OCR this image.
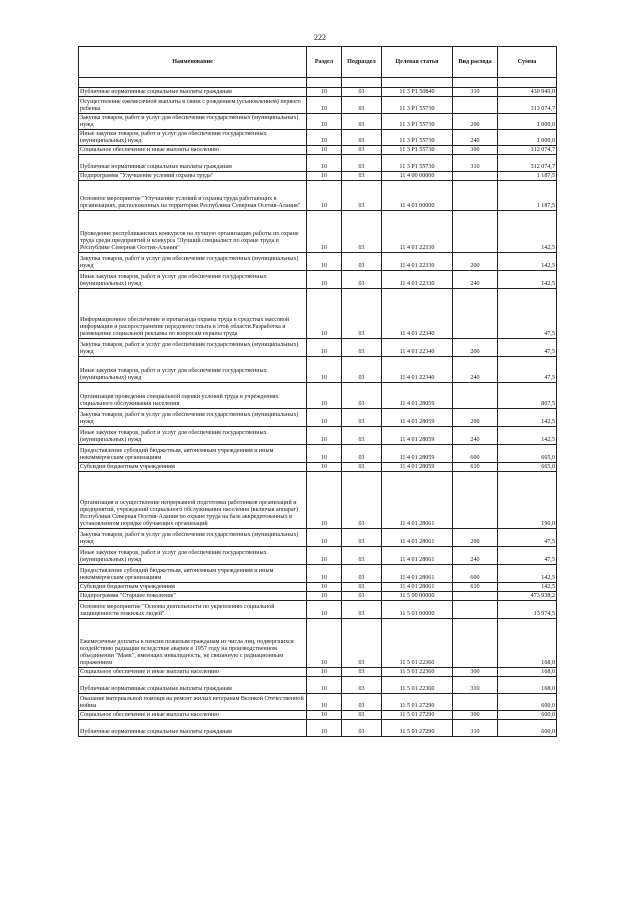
222
Наименование	Раздел	Подраздел	Целевая статья	Вид расхода	Сумма

Публичные нормативные социальные выплаты гражданам	10	03	11 3 P1 50840	310	430 949,0
Осуществление ежемесячной выплаты в связи с рождением (усыновлением) первого ребенка	10	03	11 3 P1 55730		313 074,7
Закупка товаров, работ и услуг для обеспечения государственных (муниципальных) нужд	10	03	11 3 P1 55730	200	1 000,0
Иные закупки товаров, работ и услуг для обеспечения государственных (муниципальных) нужд	10	03	11 3 P1 55730	240	1 000,0
Социальное обеспечение и иные выплаты населению	10	03	11 3 P1 55730	300	312 074,7
Публичные нормативные социальные выплаты гражданам	10	03	11 3 P1 55730	310	312 074,7
Подпрограмма "Улучшение условий охраны труда"	10	03	11 4 00 00000		1 187,5
Основное мероприятие "Улучшение условий и охраны труда работающих в организациях, расположенных на территории Республики Северная Осетия-Алания"	10	03	11 4 01 00000		1 187,5
Проведение республиканских конкурсов на лучшую организацию работы по охране труда среди предприятий и конкурса "Лучший специалист по охране труда в Республике Северная Осетия-Алания"	10	03	11 4 01 22330		142,5
Закупка товаров, работ и услуг для обеспечения государственных (муниципальных) нужд	10	03	11 4 01 22330	200	142,5
Иные закупки товаров, работ и услуг для обеспечения государственных (муниципальных) нужд	10	03	11 4 01 22330	240	142,5
Информационное обеспечение и пропаганда охраны труда в средствах массовой информации и распространение передового опыта в этой области.Разработка и размещение социальной рекламы по вопросам охраны труда	10	03	11 4 01 22340		47,5
Закупка товаров, работ и услуг для обеспечения государственных (муниципальных) нужд	10	03	11 4 01 22340	200	47,5
Иные закупки товаров, работ и услуг для обеспечения государственных (муниципальных) нужд	10	03	11 4 01 22340	240	47,5
Организация проведения специальной оценки условий труда в учреждениях социального обслуживания населения	10	03	11 4 01 28059		807,5
Закупка товаров, работ и услуг для обеспечения государственных (муниципальных) нужд	10	03	11 4 01 28059	200	142,5
Иные закупки товаров, работ и услуг для обеспечения государственных (муниципальных) нужд	10	03	11 4 01 28059	240	142,5
Предоставление субсидий бюджетным, автономным учреждениям и иным некоммерческим организациям	10	03	11 4 01 28059	600	665,0
Субсидии бюджетным учреждениям	10	03	11 4 01 28059	610	665,0
Организация и осуществление непрерывной подготовки работников организаций и предприятий, учреждений социального обслуживания населения (включая аппарат) Республики Северная Осетия-Алания по охране труда на базе аккредитованных в установленном порядке обучающих организаций	10	03	11 4 01 28061		190,0
Закупка товаров, работ и услуг для обеспечения государственных (муниципальных) нужд	10	03	11 4 01 28061	200	47,5
Иные закупки товаров, работ и услуг для обеспечения государственных (муниципальных) нужд	10	03	11 4 01 28061	240	47,5
Предоставление субсидий бюджетным, автономным учреждениям и иным некоммерческим организациям	10	03	11 4 01 28061	600	142,5
Субсидии бюджетным учреждениям	10	03	11 4 01 28061	610	142,5
Подпрограмма "Старшее поколение"	10	03	11 5 00 00000		473 938,2
Основное мероприятие "Основы деятельности по укреплению социальной защищенности пожилых людей"	10	03	11 5 01 00000		13 974,5
Ежемесячные доплаты к пенсии пожилым гражданам из числа лиц, подвергшихся воздействию радиации вследствие аварии в 1957 году на производственном объединении "Маяк", имеющих инвалидность, не связанную с радиационным поражением	10	03	11 5 01 22360		168,0
Социальное обеспечение и иные выплаты населению	10	03	11 5 01 22360	300	168,0
Публичные нормативные социальные выплаты гражданам	10	03	11 5 01 22360	310	168,0
Оказание материальной помощи на ремонт жилых ветеранам Великой Отечественной войны	10	03	11 5 01 27290		600,0
Социальное обеспечение и иные выплаты населению	10	03	11 5 01 27290	300	600,0
Публичные нормативные социальные выплаты гражданам	10	03	11 5 01 27290	310	600,0
